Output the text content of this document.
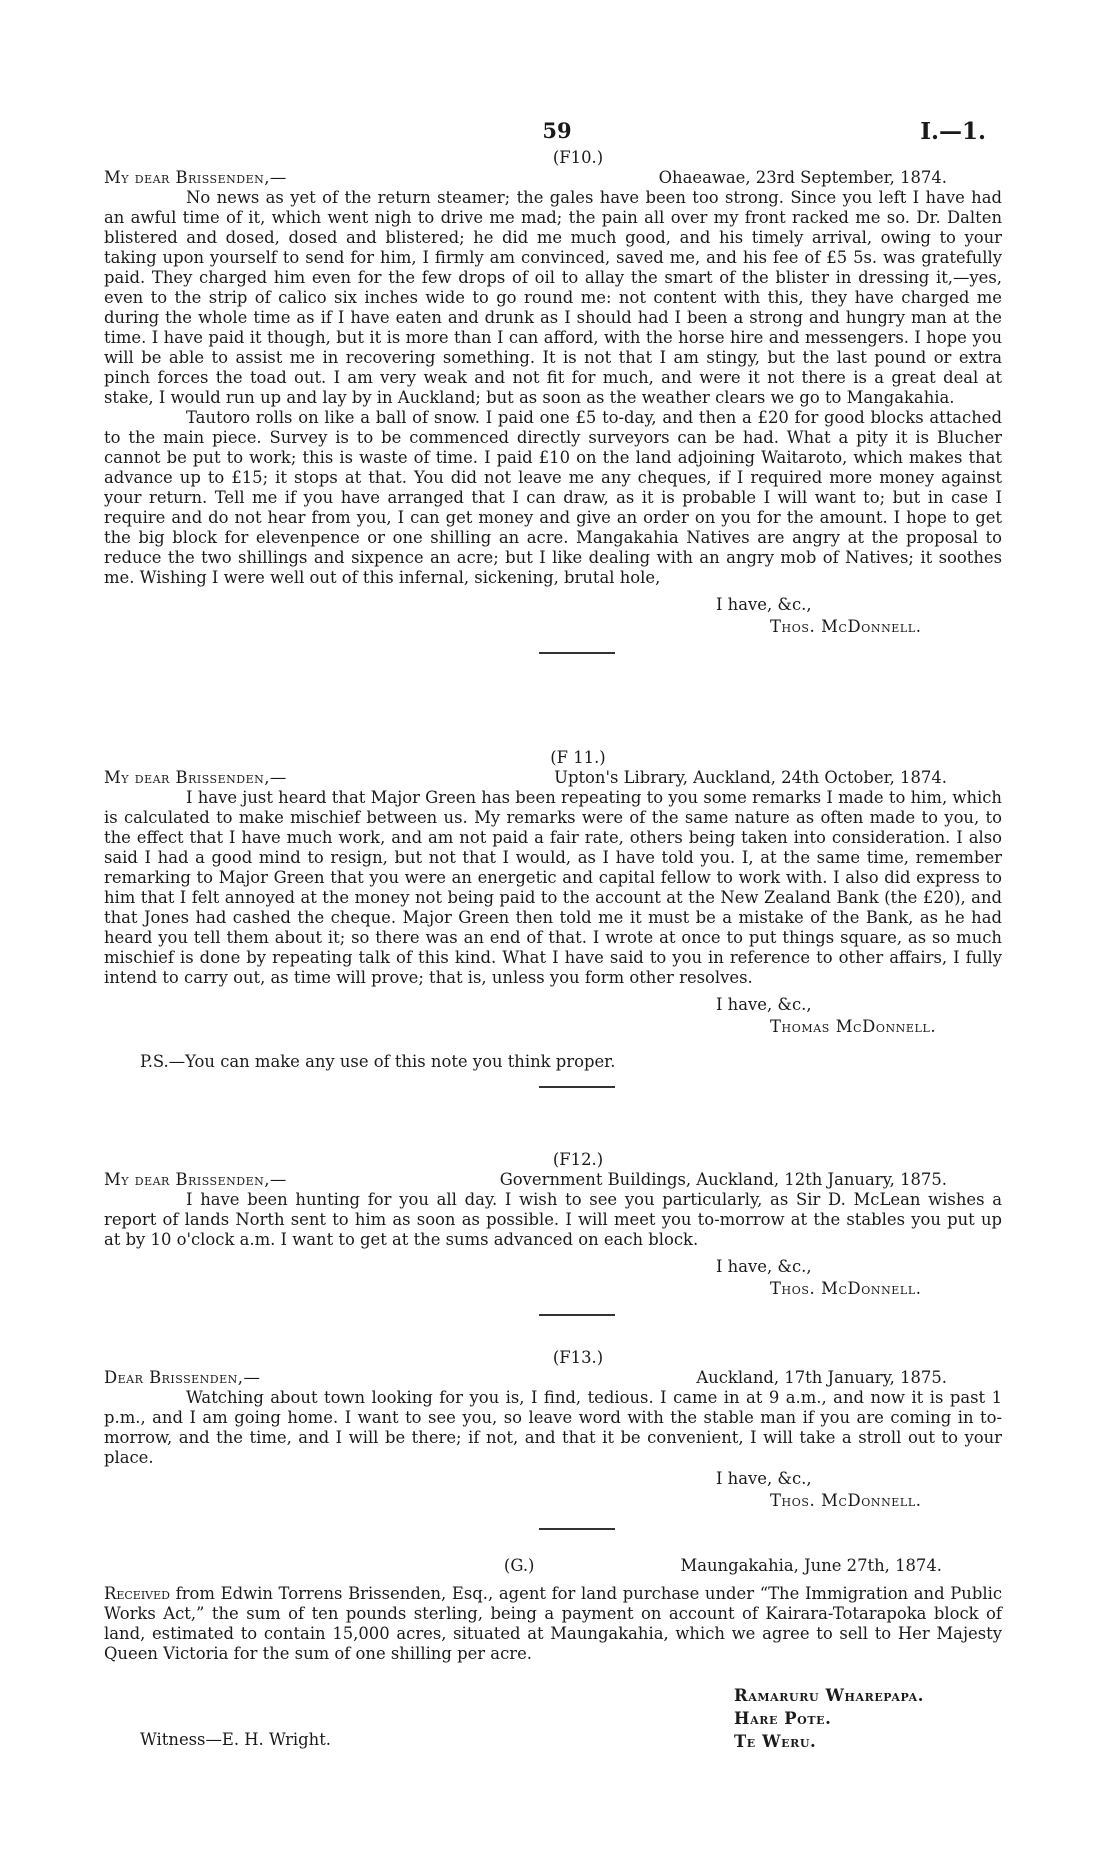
59	I.—1.
(F10.)
My dear Brissenden,—	Ohaeawae, 23rd September, 1874.

No news as yet of the return steamer; the gales have been too strong. Since you left I have had an awful time of it, which went nigh to drive me mad; the pain all over my front racked me so. Dr. Dalten blistered and dosed, dosed and blistered; he did me much good, and his timely arrival, owing to your taking upon yourself to send for him, I firmly am convinced, saved me, and his fee of £5 5s. was gratefully paid. They charged him even for the few drops of oil to allay the smart of the blister in dressing it,—yes, even to the strip of calico six inches wide to go round me: not content with this, they have charged me during the whole time as if I have eaten and drunk as I should had I been a strong and hungry man at the time. I have paid it though, but it is more than I can afford, with the horse hire and messengers. I hope you will be able to assist me in recovering something. It is not that I am stingy, but the last pound or extra pinch forces the toad out. I am very weak and not fit for much, and were it not there is a great deal at stake, I would run up and lay by in Auckland; but as soon as the weather clears we go to Mangakahia.

Tautoro rolls on like a ball of snow. I paid one £5 to-day, and then a £20 for good blocks attached to the main piece. Survey is to be commenced directly surveyors can be had. What a pity it is Blucher cannot be put to work; this is waste of time. I paid £10 on the land adjoining Waitaroto, which makes that advance up to £15; it stops at that. You did not leave me any cheques, if I required more money against your return. Tell me if you have arranged that I can draw, as it is probable I will want to; but in case I require and do not hear from you, I can get money and give an order on you for the amount. I hope to get the big block for elevenpence or one shilling an acre. Mangakahia Natives are angry at the proposal to reduce the two shillings and sixpence an acre; but I like dealing with an angry mob of Natives; it soothes me. Wishing I were well out of this infernal, sickening, brutal hole,

I have, &c.,
Thos. McDonnell.
(F 11.)
My dear Brissenden,—	Upton's Library, Auckland, 24th October, 1874.

I have just heard that Major Green has been repeating to you some remarks I made to him, which is calculated to make mischief between us. My remarks were of the same nature as often made to you, to the effect that I have much work, and am not paid a fair rate, others being taken into consideration. I also said I had a good mind to resign, but not that I would, as I have told you. I, at the same time, remember remarking to Major Green that you were an energetic and capital fellow to work with. I also did express to him that I felt annoyed at the money not being paid to the account at the New Zealand Bank (the £20), and that Jones had cashed the cheque. Major Green then told me it must be a mistake of the Bank, as he had heard you tell them about it; so there was an end of that. I wrote at once to put things square, as so much mischief is done by repeating talk of this kind. What I have said to you in reference to other affairs, I fully intend to carry out, as time will prove; that is, unless you form other resolves.

I have, &c.,
Thomas McDonnell.
P.S.—You can make any use of this note you think proper.
(F12.)
My dear Brissenden,—	Government Buildings, Auckland, 12th January, 1875.

I have been hunting for you all day. I wish to see you particularly, as Sir D. McLean wishes a report of lands North sent to him as soon as possible. I will meet you to-morrow at the stables you put up at by 10 o'clock a.m. I want to get at the sums advanced on each block.

I have, &c.,
Thos. McDonnell.
(F13.)
Dear Brissenden,—	Auckland, 17th January, 1875.

Watching about town looking for you is, I find, tedious. I came in at 9 a.m., and now it is past 1 p.m., and I am going home. I want to see you, so leave word with the stable man if you are coming in to-morrow, and the time, and I will be there; if not, and that it be convenient, I will take a stroll out to your place.

I have, &c.,
Thos. McDonnell.
(G.)	Maungakahia, June 27th, 1874.

Received from Edwin Torrens Brissenden, Esq., agent for land purchase under “The Immigration and Public Works Act,” the sum of ten pounds sterling, being a payment on account of Kairara-Totarapoka block of land, estimated to contain 15,000 acres, situated at Maungakahia, which we agree to sell to Her Majesty Queen Victoria for the sum of one shilling per acre.

Ramaruru Wharepapa.
Hare Pote.
Te Weru.
Witness—E. H. Wright.
